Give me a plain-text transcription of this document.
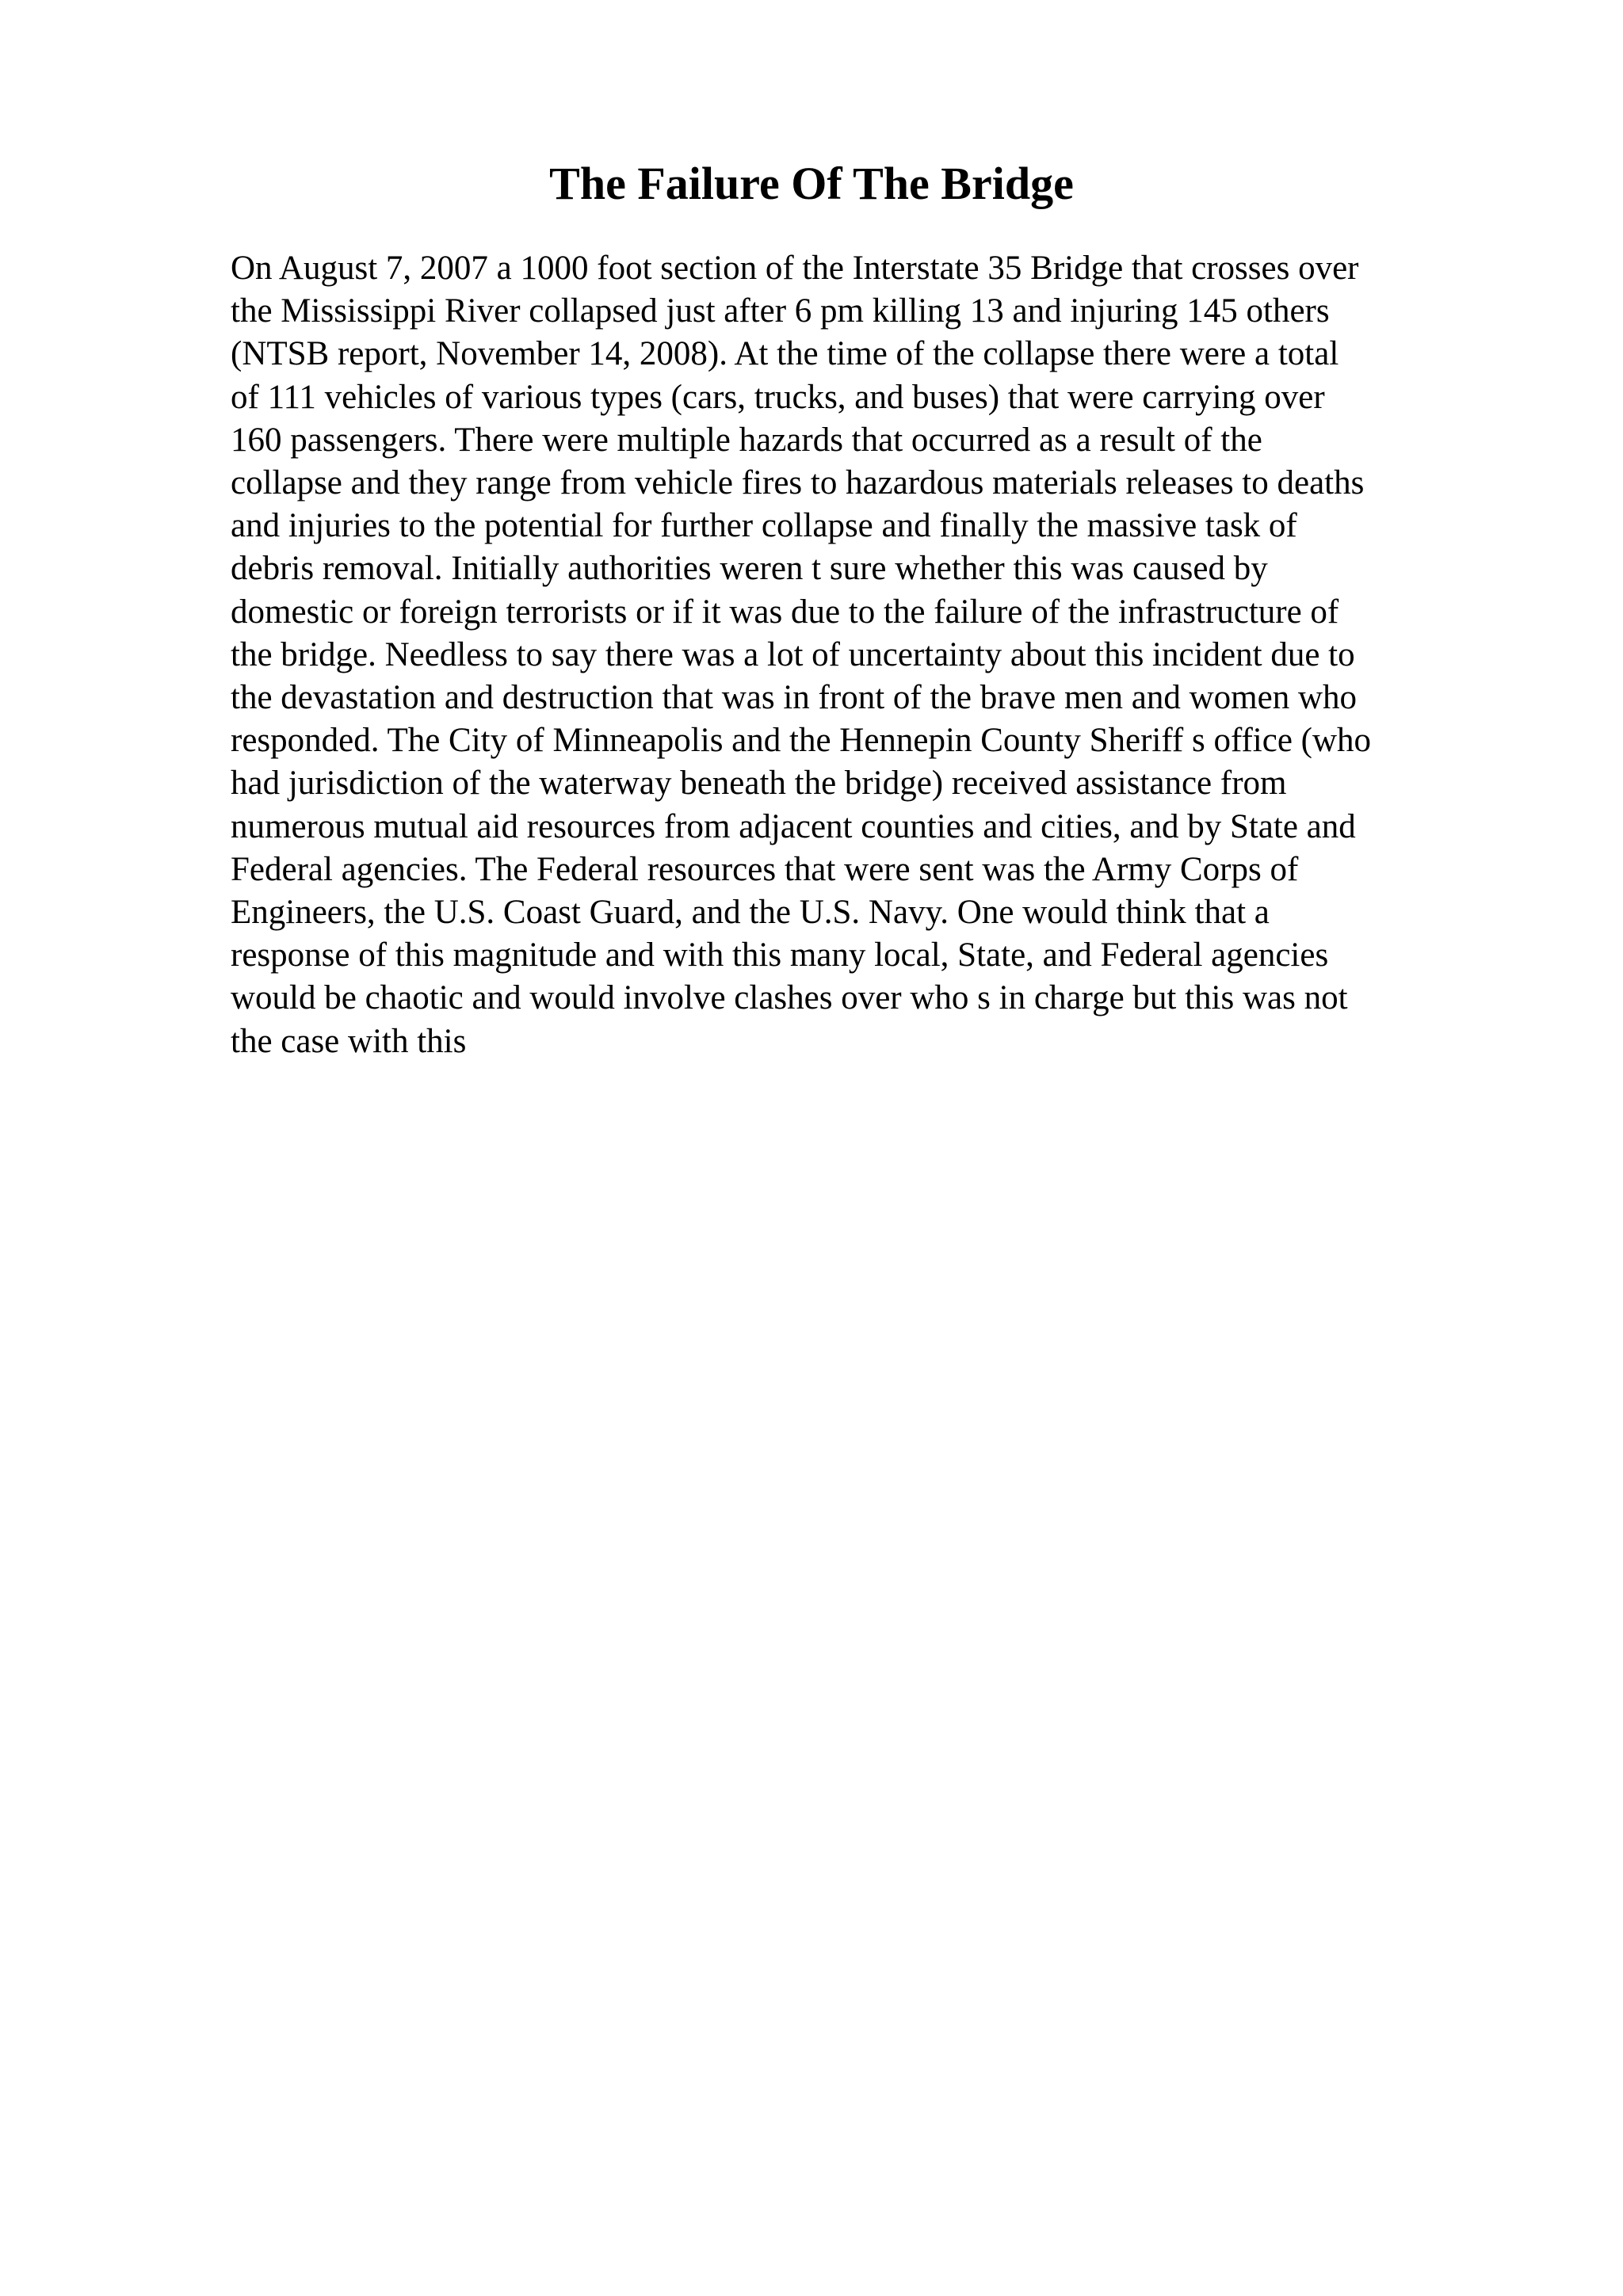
The Failure Of The Bridge
On August 7, 2007 a 1000 foot section of the Interstate 35 Bridge that crosses over
the Mississippi River collapsed just after 6 pm killing 13 and injuring 145 others
(NTSB report, November 14, 2008). At the time of the collapse there were a total
of 111 vehicles of various types (cars, trucks, and buses) that were carrying over
160 passengers. There were multiple hazards that occurred as a result of the
collapse and they range from vehicle fires to hazardous materials releases to deaths
and injuries to the potential for further collapse and finally the massive task of
debris removal. Initially authorities weren t sure whether this was caused by
domestic or foreign terrorists or if it was due to the failure of the infrastructure of
the bridge. Needless to say there was a lot of uncertainty about this incident due to
the devastation and destruction that was in front of the brave men and women who
responded. The City of Minneapolis and the Hennepin County Sheriff s office (who
had jurisdiction of the waterway beneath the bridge) received assistance from
numerous mutual aid resources from adjacent counties and cities, and by State and
Federal agencies. The Federal resources that were sent was the Army Corps of
Engineers, the U.S. Coast Guard, and the U.S. Navy. One would think that a
response of this magnitude and with this many local, State, and Federal agencies
would be chaotic and would involve clashes over who s in charge but this was not
the case with this
